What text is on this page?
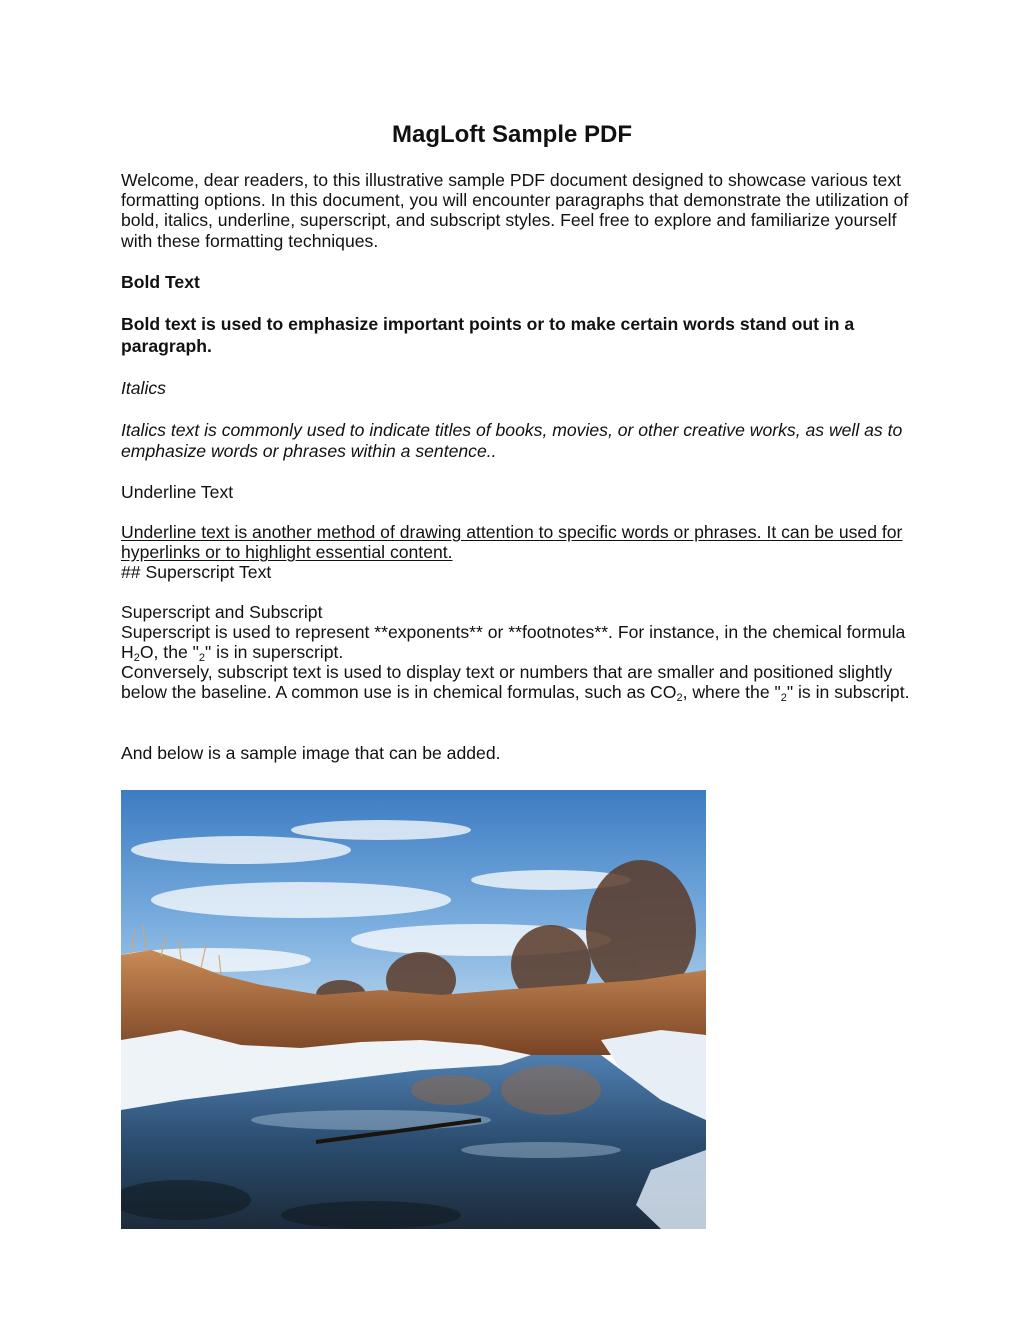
MagLoft Sample PDF

Welcome, dear readers, to this illustrative sample PDF document designed to showcase various text formatting options. In this document, you will encounter paragraphs that demonstrate the utilization of bold, italics, underline, superscript, and subscript styles. Feel free to explore and familiarize yourself with these formatting techniques.

Bold Text

Bold text is used to emphasize important points or to make certain words stand out in a paragraph.

Italics

Italics text is commonly used to indicate titles of books, movies, or other creative works, as well as to emphasize words or phrases within a sentence..

Underline Text

Underline text is another method of drawing attention to specific words or phrases. It can be used for hyperlinks or to highlight essential content.

## Superscript Text

Superscript and Subscript

Superscript is used to represent **exponents** or **footnotes**. For instance, in the chemical formula $H_2O$, the "$_2$" is in superscript.

Conversely, subscript text is used to display text or numbers that are smaller and positioned slightly below the baseline. A common use is in chemical formulas, such as $CO_2$, where the "$_2$" is in subscript.

And below is a sample image that can be added.
